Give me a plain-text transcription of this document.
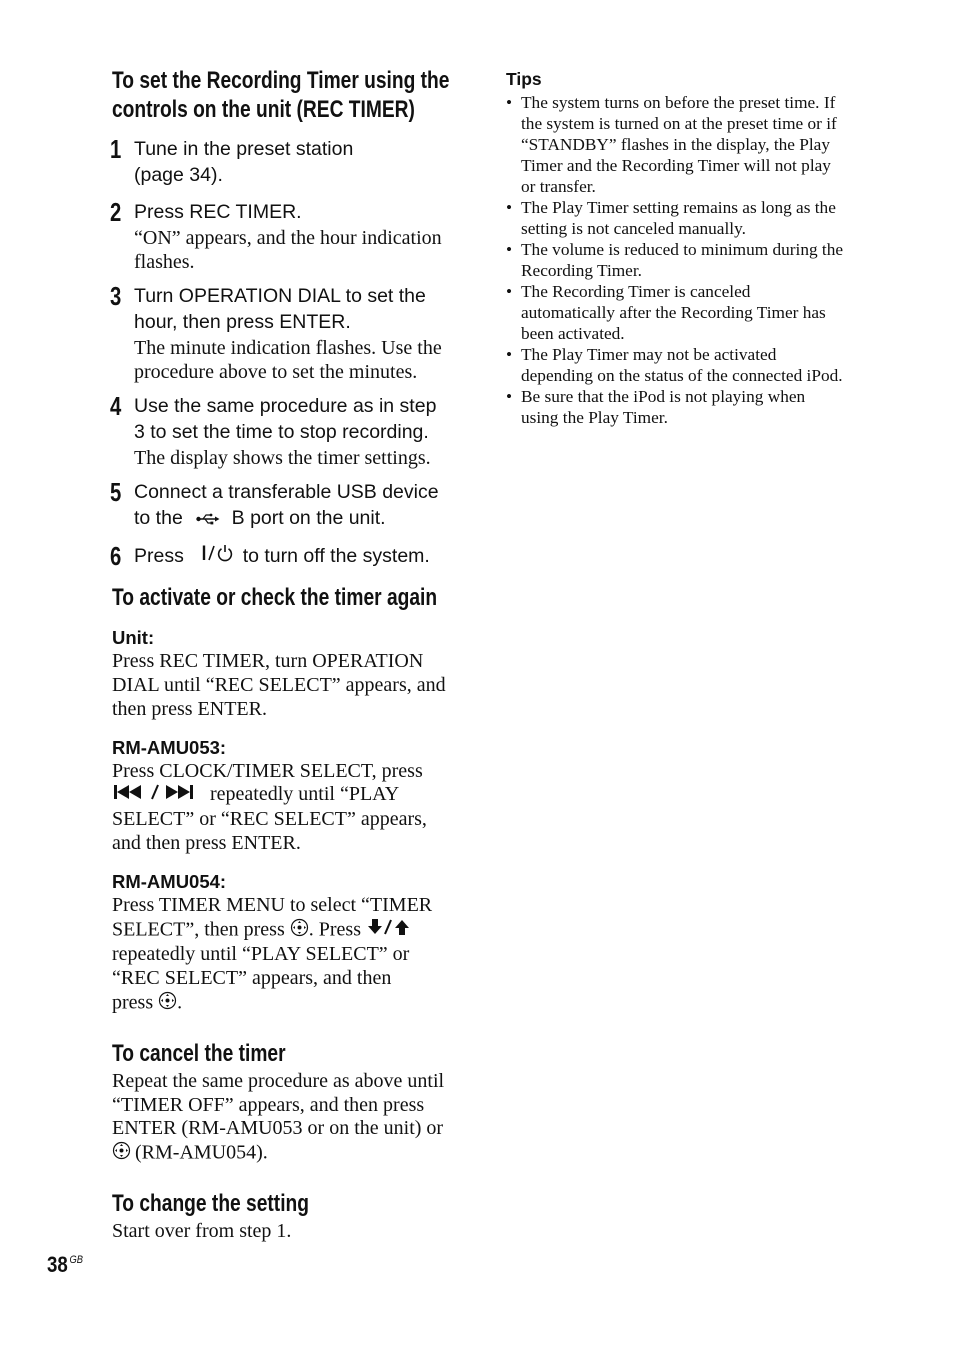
To set the Recording Timer using the
controls on the unit (REC TIMER)
1 Tune in the preset station
(page 34).
2 Press REC TIMER.
“ON” appears, and the hour indication
flashes.
3 Turn OPERATION DIAL to set the
hour, then press ENTER.
The minute indication flashes. Use the
procedure above to set the minutes.
4 Use the same procedure as in step
3 to set the time to stop recording.
The display shows the timer settings.
5 Connect a transferable USB device
to the	B port on the unit.
6 Press	to turn off the system.
To activate or check the timer again
Unit:
Press REC TIMER, turn OPERATION
DIAL until “REC SELECT” appears, and
then press ENTER.
RM-AMU053:
Press CLOCK/TIMER SELECT, press
repeatedly until “PLAY
SELECT” or “REC SELECT” appears,
and then press ENTER.
RM-AMU054:
Press TIMER MENU to select “TIMER
SELECT”, then press . Press
repeatedly until “PLAY SELECT” or
“REC SELECT” appears, and then
press .
To cancel the timer
Repeat the same procedure as above until
“TIMER OFF” appears, and then press
ENTER (RM-AMU053 or on the unit) or
(RM-AMU054).
To change the setting
Start over from step 1.
Tips
• The system turns on before the preset time. If
the system is turned on at the preset time or if
“STANDBY” flashes in the display, the Play
Timer and the Recording Timer will not play
or transfer.
• The Play Timer setting remains as long as the
setting is not canceled manually.
• The volume is reduced to minimum during the
Recording Timer.
• The Recording Timer is canceled
automatically after the Recording Timer has
been activated.
• The Play Timer may not be activated
depending on the status of the connected iPod.
• Be sure that the iPod is not playing when
using the Play Timer.
38 $^{GB}$
